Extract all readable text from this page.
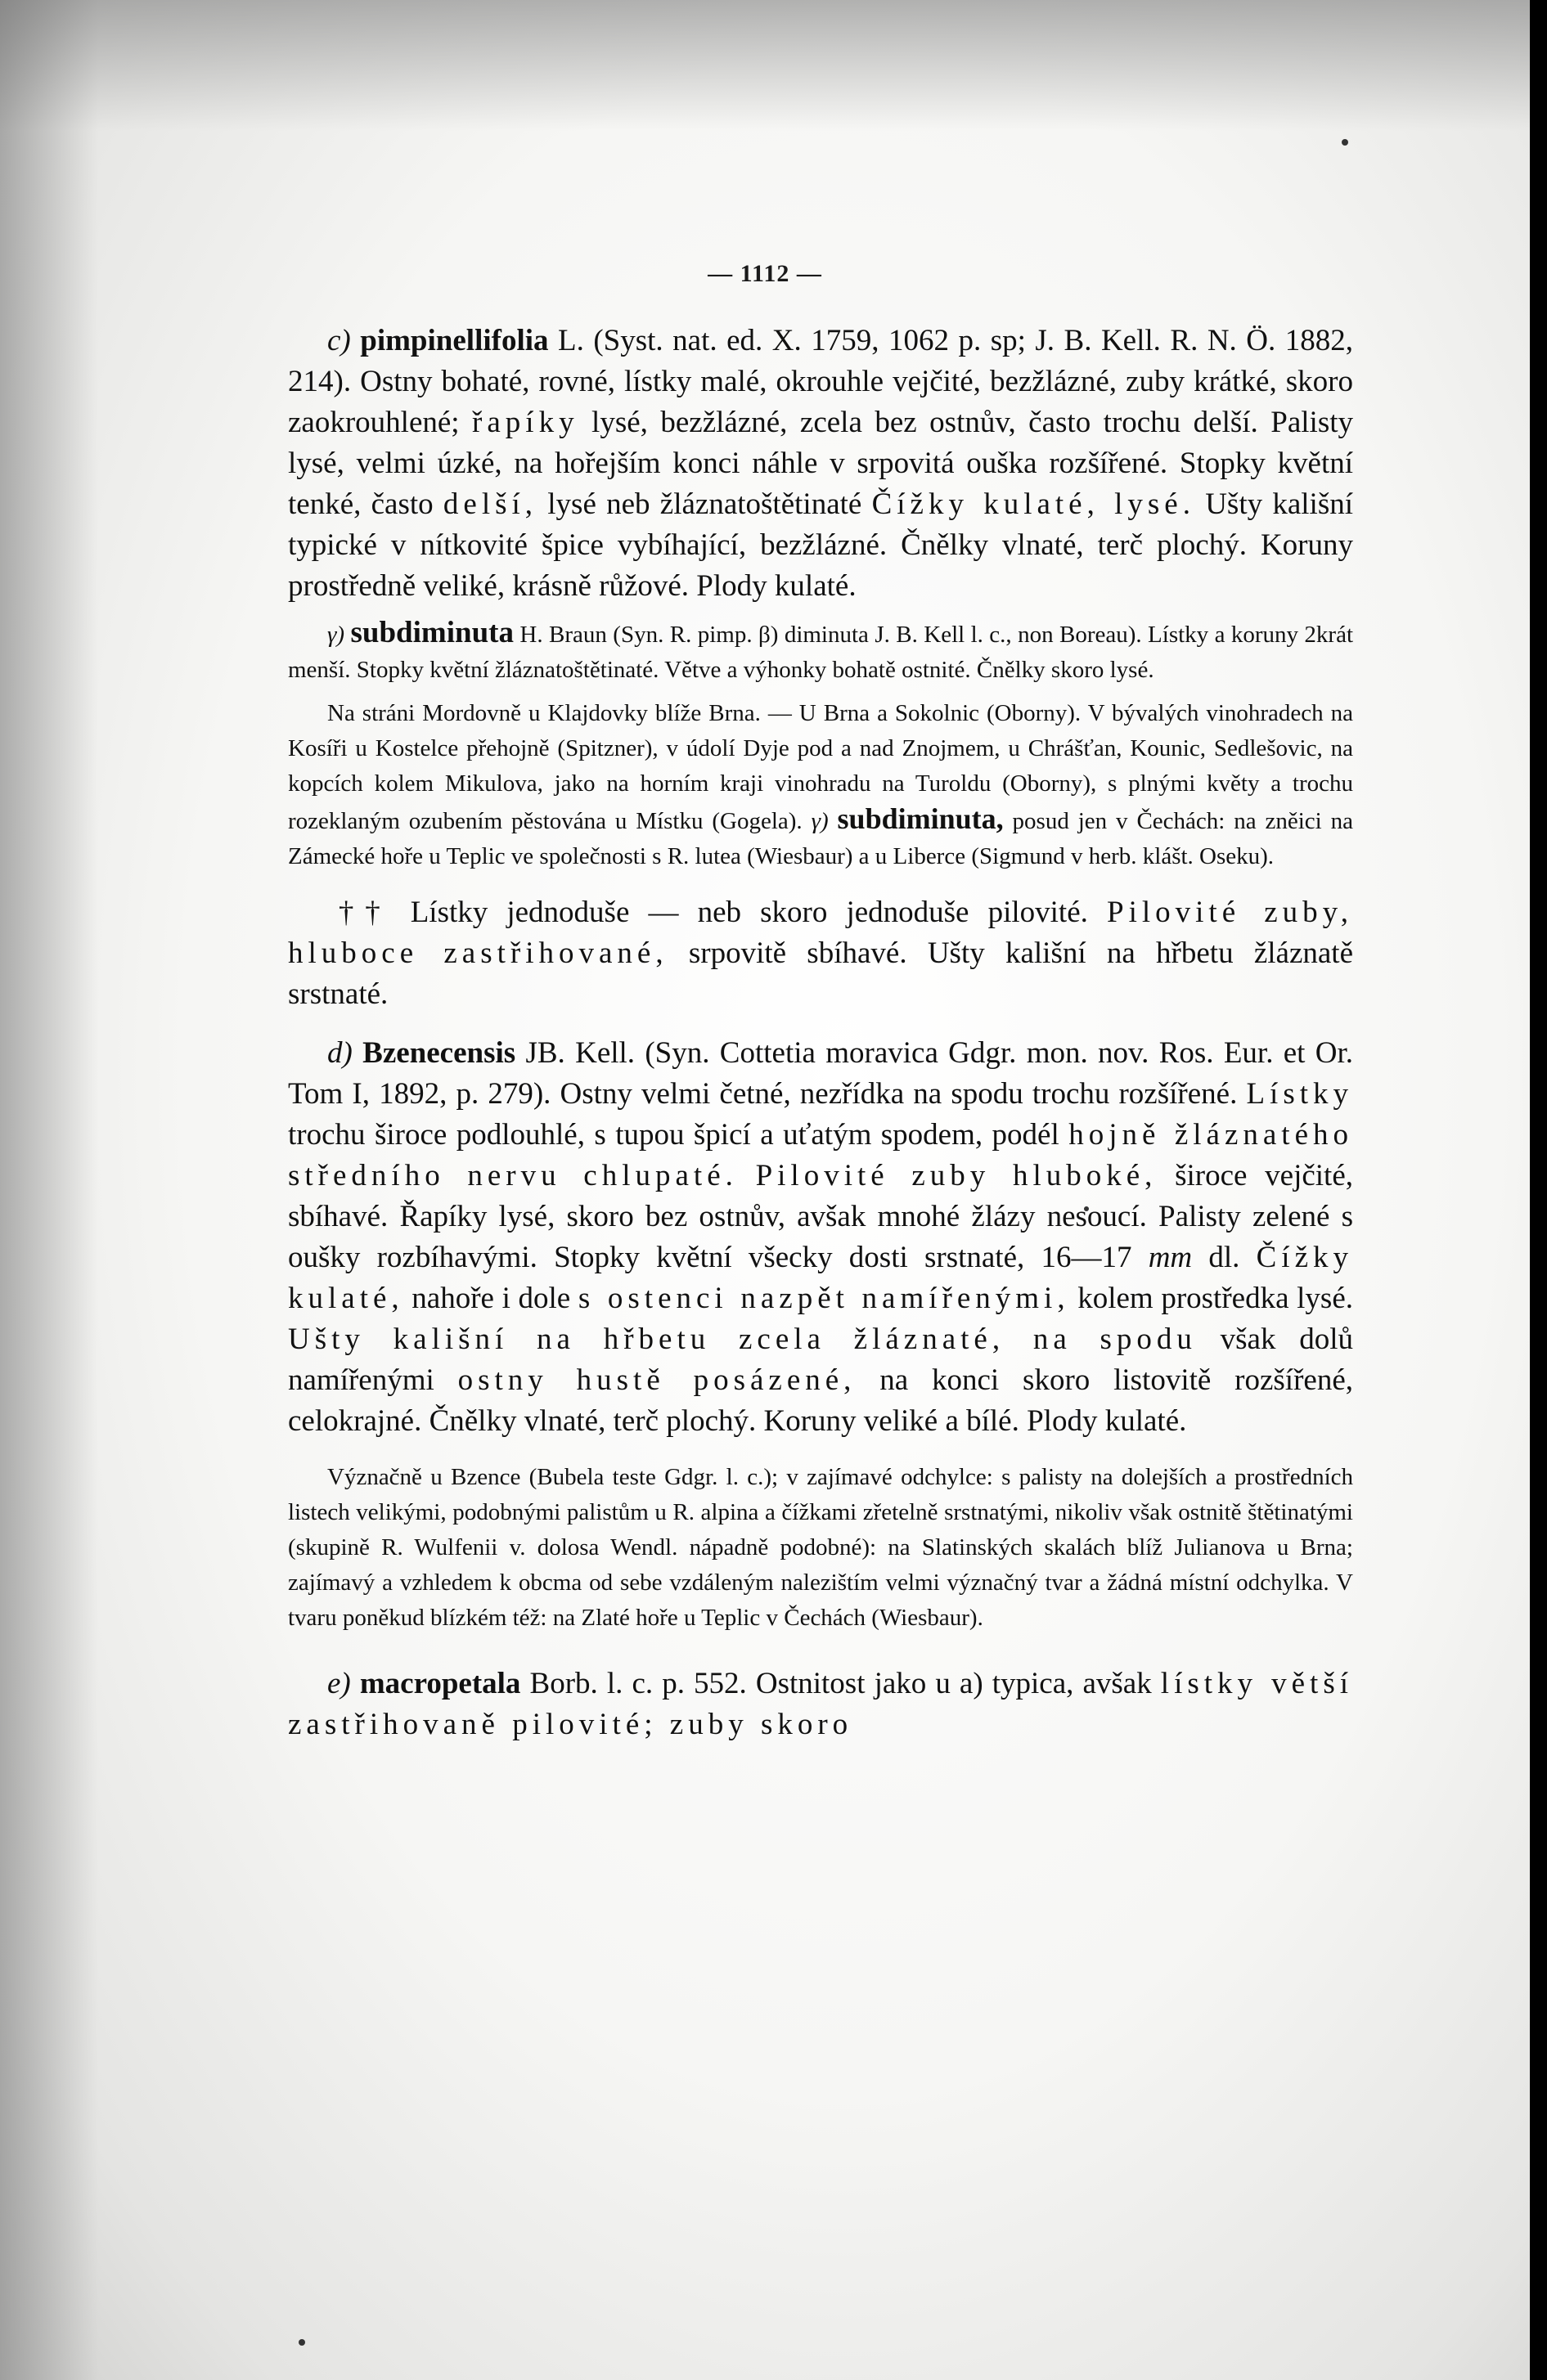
— 1112 —

c) pimpinellifolia L. (Syst. nat. ed. X. 1759, 1062 p. sp; J. B. Kell. R. N. Ö. 1882, 214). Ostny bohaté, rovné, lístky malé, okrouhle vejčité, bezžlázné, zuby krátké, skoro zaokrouhlené; řapíky lysé, bezžlázné, zcela bez ostnův, často trochu delší. Palisty lysé, velmi úzké, na hořejším konci náhle v srpovitá ouška rozšířené. Stopky květní tenké, často delší, lysé neb žláznatoštětinaté Čížky kulaté, lysé. Ušty kališní typické v nítkovité špice vybíhající, bezžlázné. Čnělky vlnaté, terč plochý. Koruny prostředně veliké, krásně růžové. Plody kulaté.

γ) subdiminuta H. Braun (Syn. R. pimp. β) diminuta J. B. Kell l. c., non Boreau). Lístky a koruny 2krát menší. Stopky květní žláznatoštětinaté. Větve a výhonky bohatě ostnité. Čnělky skoro lysé.

Na stráni Mordovně u Klajdovky blíže Brna. — U Brna a Sokolnic (Oborny). V bývalých vinohradech na Kosíři u Kostelce přehojně (Spitzner), v údolí Dyje pod a nad Znojmem, u Chrášťan, Kounic, Sedlešovic, na kopcích kolem Mikulova, jako na horním kraji vinohradu na Turoldu (Oborny), s plnými květy a trochu rozeklaným ozubením pěstována u Místku (Gogela). γ) subdiminuta, posud jen v Čechách: na zněici na Zámecké hoře u Teplic ve společnosti s R. lutea (Wiesbaur) a u Liberce (Sigmund v herb. klášt. Oseku).

†† Lístky jednoduše — neb skoro jednoduše pilovité. Pilovité zuby, hluboce zastřihované, srpovitě sbíhavé. Ušty kališní na hřbetu žláznatě srstnaté.

d) Bzenecensis JB. Kell. (Syn. Cottetia moravica Gdgr. mon. nov. Ros. Eur. et Or. Tom I, 1892, p. 279). Ostny velmi četné, nezřídka na spodu trochu rozšířené. Lístky trochu široce podlouhlé, s tupou špicí a uťatým spodem, podél hojně žláznatého středního nervu chlupaté. Pilovité zuby hluboké, široce vejčité, sbíhavé. Řapíky lysé, skoro bez ostnův, avšak mnohé žlázy nesoucí. Palisty zelené s oušky rozbíhavými. Stopky květní všecky dosti srstnaté, 16—17 mm dl. Čížky kulaté, nahoře i dole s ostenci nazpět namířenými, kolem prostředka lysé. Ušty kališní na hřbetu zcela žláznaté, na spodu však dolů namířenými ostny hustě posázené, na konci skoro listovitě rozšířené, celokrajné. Čnělky vlnaté, terč plochý. Koruny veliké a bílé. Plody kulaté.

Význačně u Bzence (Bubela teste Gdgr. l. c.); v zajímavé odchylce: s palisty na dolejších a prostředních listech velikými, podobnými palistům u R. alpina a čížkami zřetelně srstnatými, nikoliv však ostnitě štětinatými (skupině R. Wulfenii v. dolosa Wendl. nápadně podobné): na Slatinských skalách blíž Julianova u Brna; zajímavý a vzhledem k obcma od sebe vzdáleným nalezištím velmi význačný tvar a žádná místní odchylka. V tvaru poněkud blízkém též: na Zlaté hoře u Teplic v Čechách (Wiesbaur).

e) macropetala Borb. l. c. p. 552. Ostnitost jako u a) typica, avšak lístky větší zastřihovaně pilovité; zuby skoro
